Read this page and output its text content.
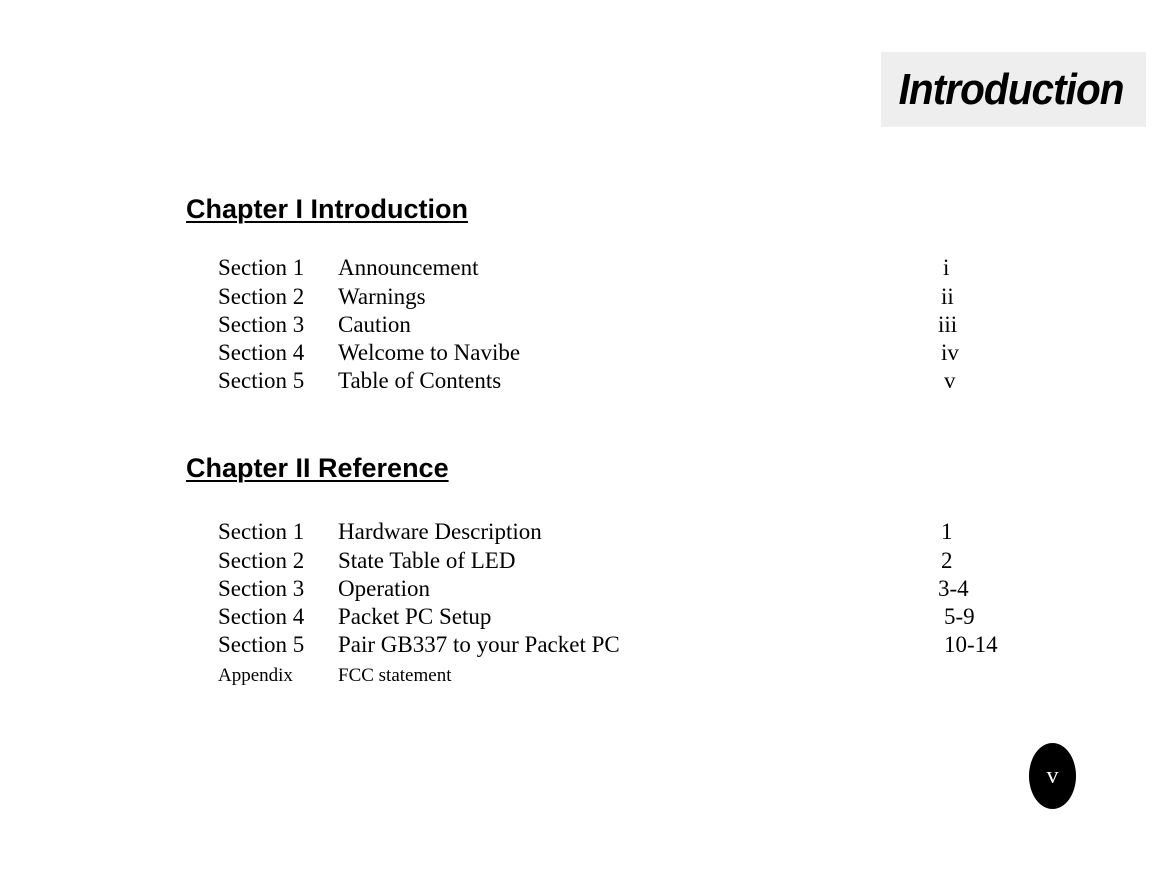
Introduction
Chapter I Introduction
Section 1 Announcement	i
Section 2 Warnings	ii
Section 3 Caution	iii
Section 4 Welcome to Navibe	iv
Section 5 Table of Contents	v
Chapter II Reference
Section 1 Hardware Description	1
Section 2 State Table of LED	2
Section 3 Operation	3-4
Section 4 Packet PC Setup	5-9
Section 5 Pair GB337 to your Packet PC	10-14
Appendix FCC statement
v
